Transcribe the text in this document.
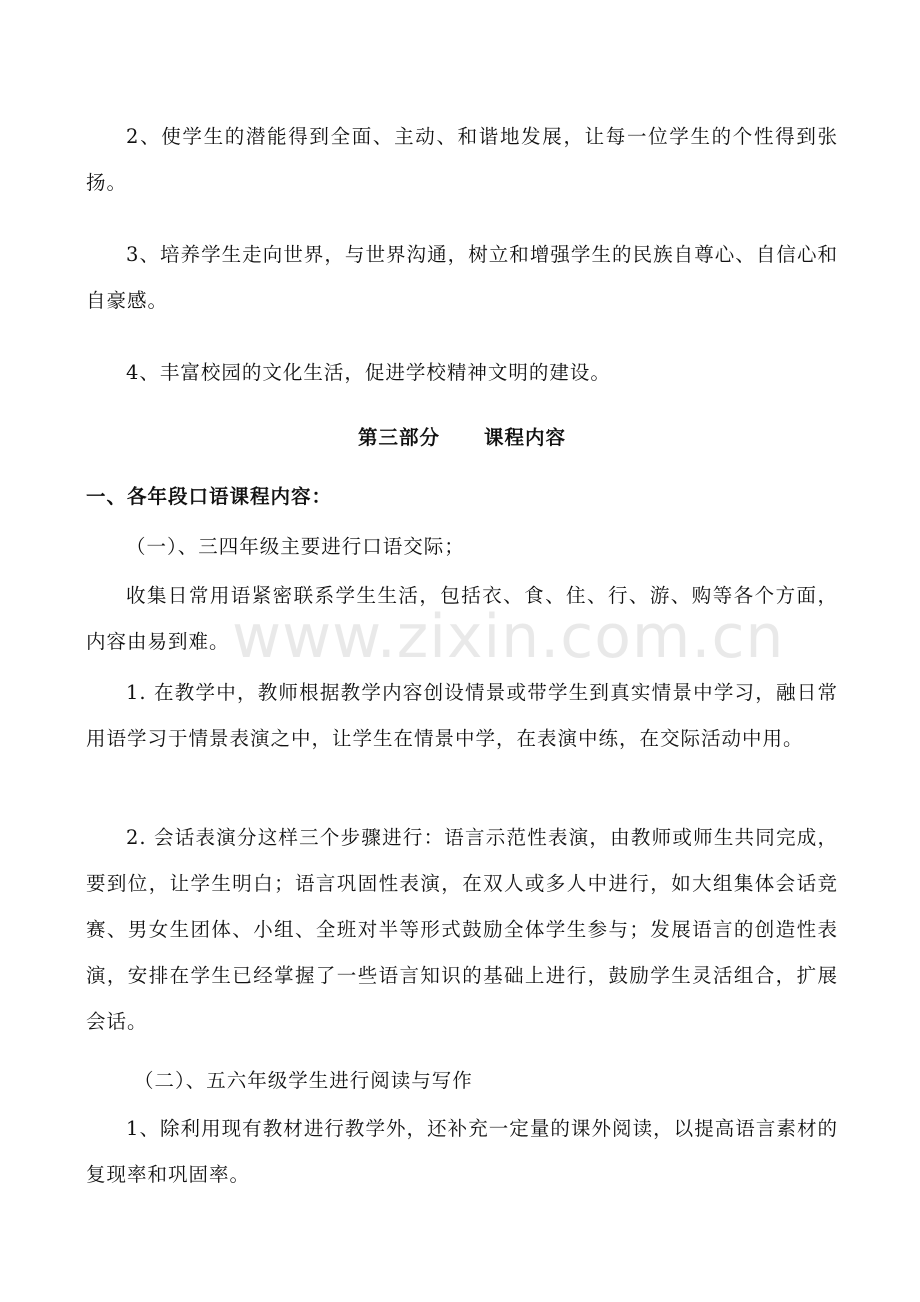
2、使学生的潜能得到全面、主动、和谐地发展，让每一位学生的个性得到张扬。

3、培养学生走向世界，与世界沟通，树立和增强学生的民族自尊心、自信心和自豪感。

4、丰富校园的文化生活，促进学校精神文明的建设。

第三部分 课程内容

一、各年段口语课程内容：

（一）、三四年级主要进行口语交际；

收集日常用语紧密联系学生生活，包括衣、食、住、行、游、购等各个方面，内容由易到难。

1. 在教学中，教师根据教学内容创设情景或带学生到真实情景中学习，融日常用语学习于情景表演之中，让学生在情景中学，在表演中练，在交际活动中用。

2. 会话表演分这样三个步骤进行：语言示范性表演，由教师或师生共同完成，要到位，让学生明白；语言巩固性表演，在双人或多人中进行，如大组集体会话竞赛、男女生团体、小组、全班对半等形式鼓励全体学生参与；发展语言的创造性表演，安排在学生已经掌握了一些语言知识的基础上进行，鼓励学生灵活组合，扩展会话。

（二）、五六年级学生进行阅读与写作

1、除利用现有教材进行教学外，还补充一定量的课外阅读，以提高语言素材的复现率和巩固率。

www.zixin.com.cn
